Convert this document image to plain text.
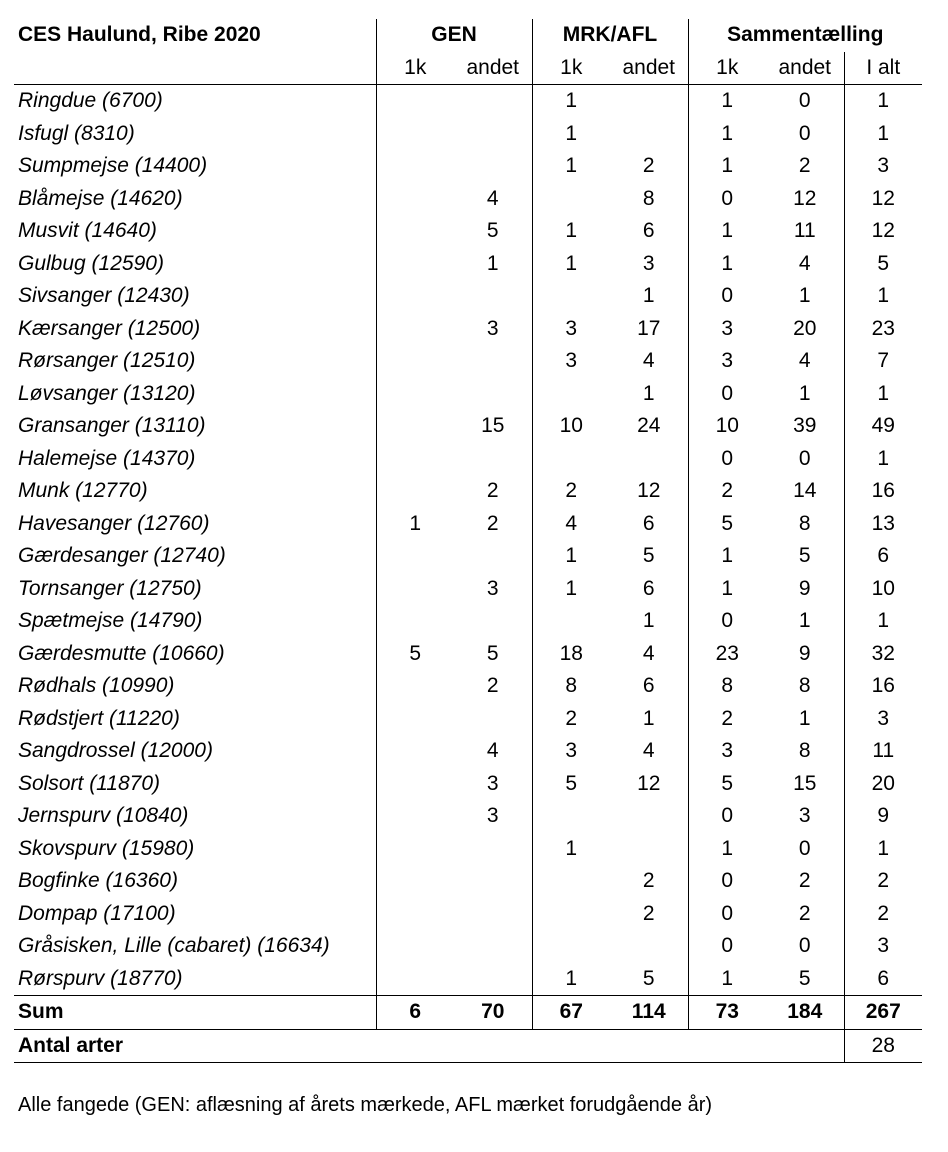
CES Haulund, Ribe 2020	GEN		MRK/AFL		Sammentælling		
	1k	andet	1k	andet	1k	andet	I alt
Ringdue (6700)			1		1	0	1
Isfugl (8310)			1		1	0	1
Sumpmejse (14400)			1	2	1	2	3
Blåmejse (14620)		4		8	0	12	12
Musvit (14640)		5	1	6	1	11	12
Gulbug (12590)		1	1	3	1	4	5
Sivsanger (12430)				1	0	1	1
Kærsanger (12500)		3	3	17	3	20	23
Rørsanger (12510)			3	4	3	4	7
Løvsanger (13120)				1	0	1	1
Gransanger (13110)		15	10	24	10	39	49
Halemejse (14370)					0	0	1
Munk (12770)		2	2	12	2	14	16
Havesanger (12760)	1	2	4	6	5	8	13
Gærdesanger (12740)			1	5	1	5	6
Tornsanger (12750)		3	1	6	1	9	10
Spætmejse (14790)				1	0	1	1
Gærdesmutte (10660)	5	5	18	4	23	9	32
Rødhals (10990)		2	8	6	8	8	16
Rødstjert (11220)			2	1	2	1	3
Sangdrossel (12000)		4	3	4	3	8	11
Solsort (11870)		3	5	12	5	15	20
Jernspurv (10840)		3			0	3	9
Skovspurv (15980)			1		1	0	1
Bogfinke (16360)				2	0	2	2
Dompap (17100)				2	0	2	2
Gråsisken, Lille (cabaret) (16634)					0	0	3
Rørspurv (18770)			1	5	1	5	6
Sum	6	70	67	114	73	184	267
Antal arter							28
Alle fangede (GEN: aflæsning af årets mærkede, AFL mærket forudgående år)
